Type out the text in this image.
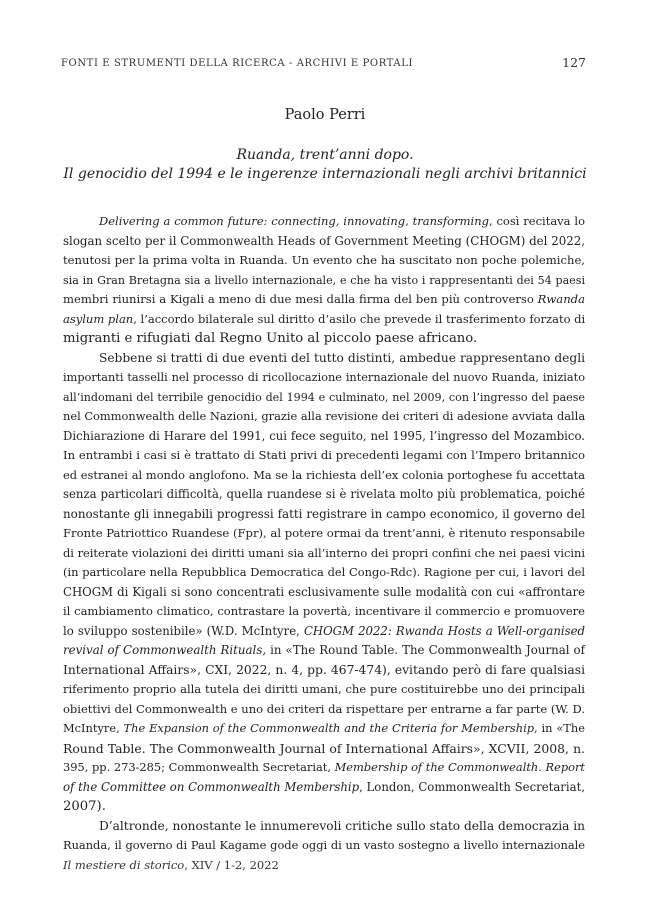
FONTI E STRUMENTI DELLA RICERCA - ARCHIVI E PORTALI	127
Paolo Perri
Ruanda, trent’anni dopo.
Il genocidio del 1994 e le ingerenze internazionali negli archivi britannici
Delivering a common future: connecting, innovating, transforming, così recitava lo
slogan scelto per il Commonwealth Heads of Government Meeting (CHOGM) del 2022,
tenutosi per la prima volta in Ruanda. Un evento che ha suscitato non poche polemiche,
sia in Gran Bretagna sia a livello internazionale, e che ha visto i rappresentanti dei 54 paesi
membri riunirsi a Kigali a meno di due mesi dalla firma del ben più controverso Rwanda
asylum plan, l’accordo bilaterale sul diritto d’asilo che prevede il trasferimento forzato di
migranti e rifugiati dal Regno Unito al piccolo paese africano.
Sebbene si tratti di due eventi del tutto distinti, ambedue rappresentano degli
importanti tasselli nel processo di ricollocazione internazionale del nuovo Ruanda, iniziato
all’indomani del terribile genocidio del 1994 e culminato, nel 2009, con l’ingresso del paese
nel Commonwealth delle Nazioni, grazie alla revisione dei criteri di adesione avviata dalla
Dichiarazione di Harare del 1991, cui fece seguito, nel 1995, l’ingresso del Mozambico.
In entrambi i casi si è trattato di Stati privi di precedenti legami con l’Impero britannico
ed estranei al mondo anglofono. Ma se la richiesta dell’ex colonia portoghese fu accettata
senza particolari difficoltà, quella ruandese si è rivelata molto più problematica, poiché
nonostante gli innegabili progressi fatti registrare in campo economico, il governo del
Fronte Patriottico Ruandese (Fpr), al potere ormai da trent’anni, è ritenuto responsabile
di reiterate violazioni dei diritti umani sia all’interno dei propri confini che nei paesi vicini
(in particolare nella Repubblica Democratica del Congo-Rdc). Ragione per cui, i lavori del
CHOGM di Kigali si sono concentrati esclusivamente sulle modalità con cui «affrontare
il cambiamento climatico, contrastare la povertà, incentivare il commercio e promuovere
lo sviluppo sostenibile» (W.D. McIntyre, CHOGM 2022: Rwanda Hosts a Well-organised
revival of Commonwealth Rituals, in «The Round Table. The Commonwealth Journal of
International Affairs», CXI, 2022, n. 4, pp. 467-474), evitando però di fare qualsiasi
riferimento proprio alla tutela dei diritti umani, che pure costituirebbe uno dei principali
obiettivi del Commonwealth e uno dei criteri da rispettare per entrarne a far parte (W. D.
McIntyre, The Expansion of the Commonwealth and the Criteria for Membership, in «The
Round Table. The Commonwealth Journal of International Affairs», XCVII, 2008, n.
395, pp. 273-285; Commonwealth Secretariat, Membership of the Commonwealth. Report
of the Committee on Commonwealth Membership, London, Commonwealth Secretariat,
2007).
D’altronde, nonostante le innumerevoli critiche sullo stato della democrazia in
Ruanda, il governo di Paul Kagame gode oggi di un vasto sostegno a livello internazionale
Il mestiere di storico, XIV / 1-2, 2022
